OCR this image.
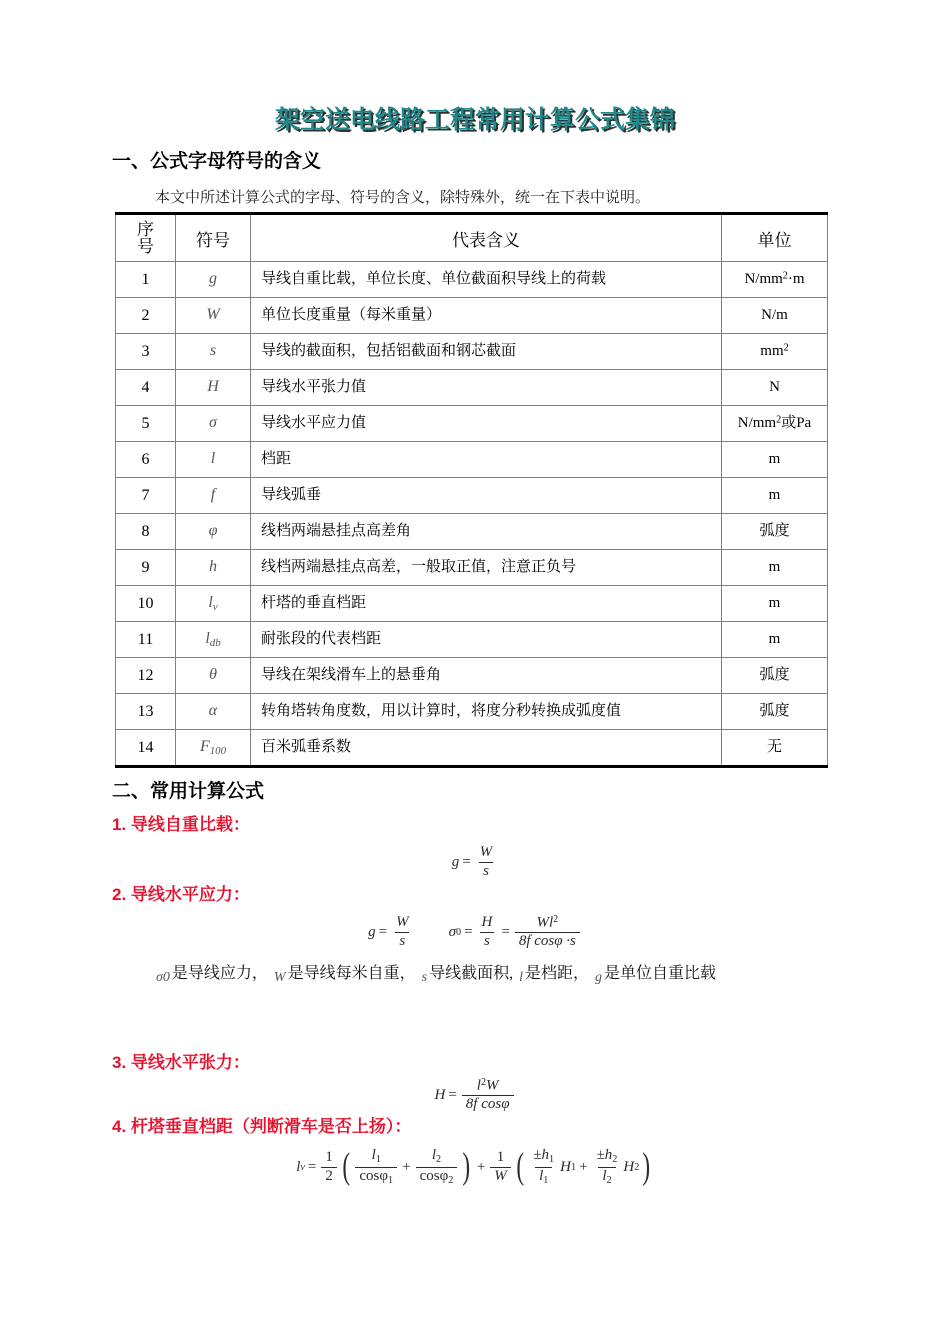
架空送电线路工程常用计算公式集锦
一、公式字母符号的含义
本文中所述计算公式的字母、符号的含义，除特殊外，统一在下表中说明。
序
号	符号	代表含义	单位
1	g	导线自重比载，单位长度、单位截面积导线上的荷载	$N/mm^2\cdot m$
2	W	单位长度重量（每米重量）	N/m
3	s	导线的截面积，包括铝截面和钢芯截面	$mm^2$
4	H	导线水平张力值	N
5	σ	导线水平应力值	$N/mm^2$或Pa
6	l	档距	m
7	f	导线弧垂	m
8	φ	线档两端悬挂点高差角	弧度
9	h	线档两端悬挂点高差，一般取正值，注意正负号	m
10	$l_v$	杆塔的垂直档距	m
11	$l_{db}$	耐张段的代表档距	m
12	θ	导线在架线滑车上的悬垂角	弧度
13	α	转角塔转角度数，用以计算时，将度分秒转换成弧度值	弧度
14	$F_{100}$	百米弧垂系数	无
二、常用计算公式
1. 导线自重比载：
$g = \frac{W}{s}$
2. 导线水平应力：
$g = \frac{W}{s}$ σ $0 = \frac{H}{s} = \frac{Wl^2}{\text{8f cosφ ·s}}$
σ0 是导线应力， W 是导线每米自重， s 导线截面积, l 是档距， g 是单位自重比载
3. 导线水平张力：
$H = \frac{l^2W}{\text{8f cosφ}}$
4. 杆塔垂直档距（判断滑车是否上扬）：
l $v = \frac{1}{2}$ ( $\frac{l_1}{\cos\varphi_1} + \frac{l_2}{\cos\varphi_2}$ ) + $\frac{1}{W}$ ( $\frac{\pm h_1}{l_1}$ H $1 + \frac{\pm h_2}{l_2}$ H 2 )
